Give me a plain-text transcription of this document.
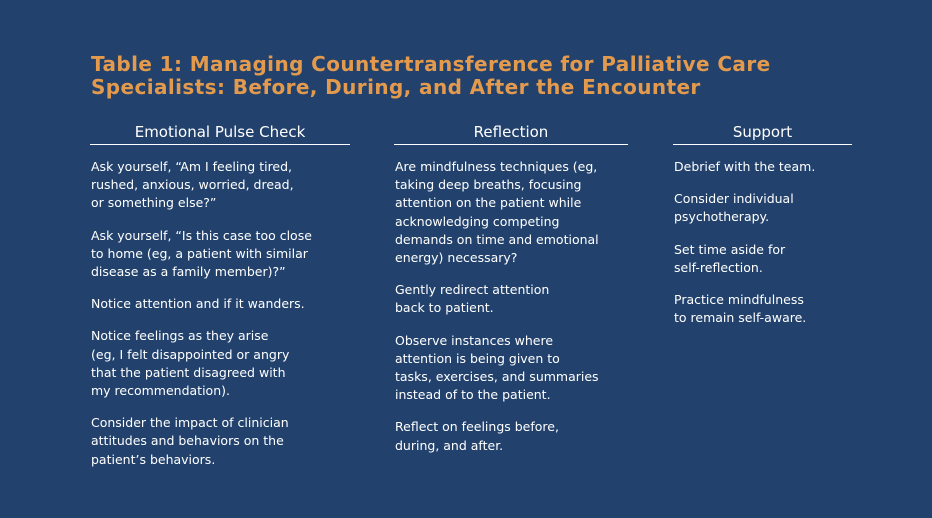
Table 1: Managing Countertransference for Palliative Care
Specialists: Before, During, and After the Encounter
Emotional Pulse Check
Ask yourself, “Am I feeling tired,
rushed, anxious, worried, dread,
or something else?”
Ask yourself, “Is this case too close
to home (eg, a patient with similar
disease as a family member)?”
Notice attention and if it wanders.
Notice feelings as they arise
(eg, I felt disappointed or angry
that the patient disagreed with
my recommendation).
Consider the impact of clinician
attitudes and behaviors on the
patient’s behaviors.
Reflection
Are mindfulness techniques (eg,
taking deep breaths, focusing
attention on the patient while
acknowledging competing
demands on time and emotional
energy) necessary?
Gently redirect attention
back to patient.
Observe instances where
attention is being given to
tasks, exercises, and summaries
instead of to the patient.
Reflect on feelings before,
during, and after.
Support
Debrief with the team.
Consider individual
psychotherapy.
Set time aside for
self-reflection.
Practice mindfulness
to remain self-aware.
